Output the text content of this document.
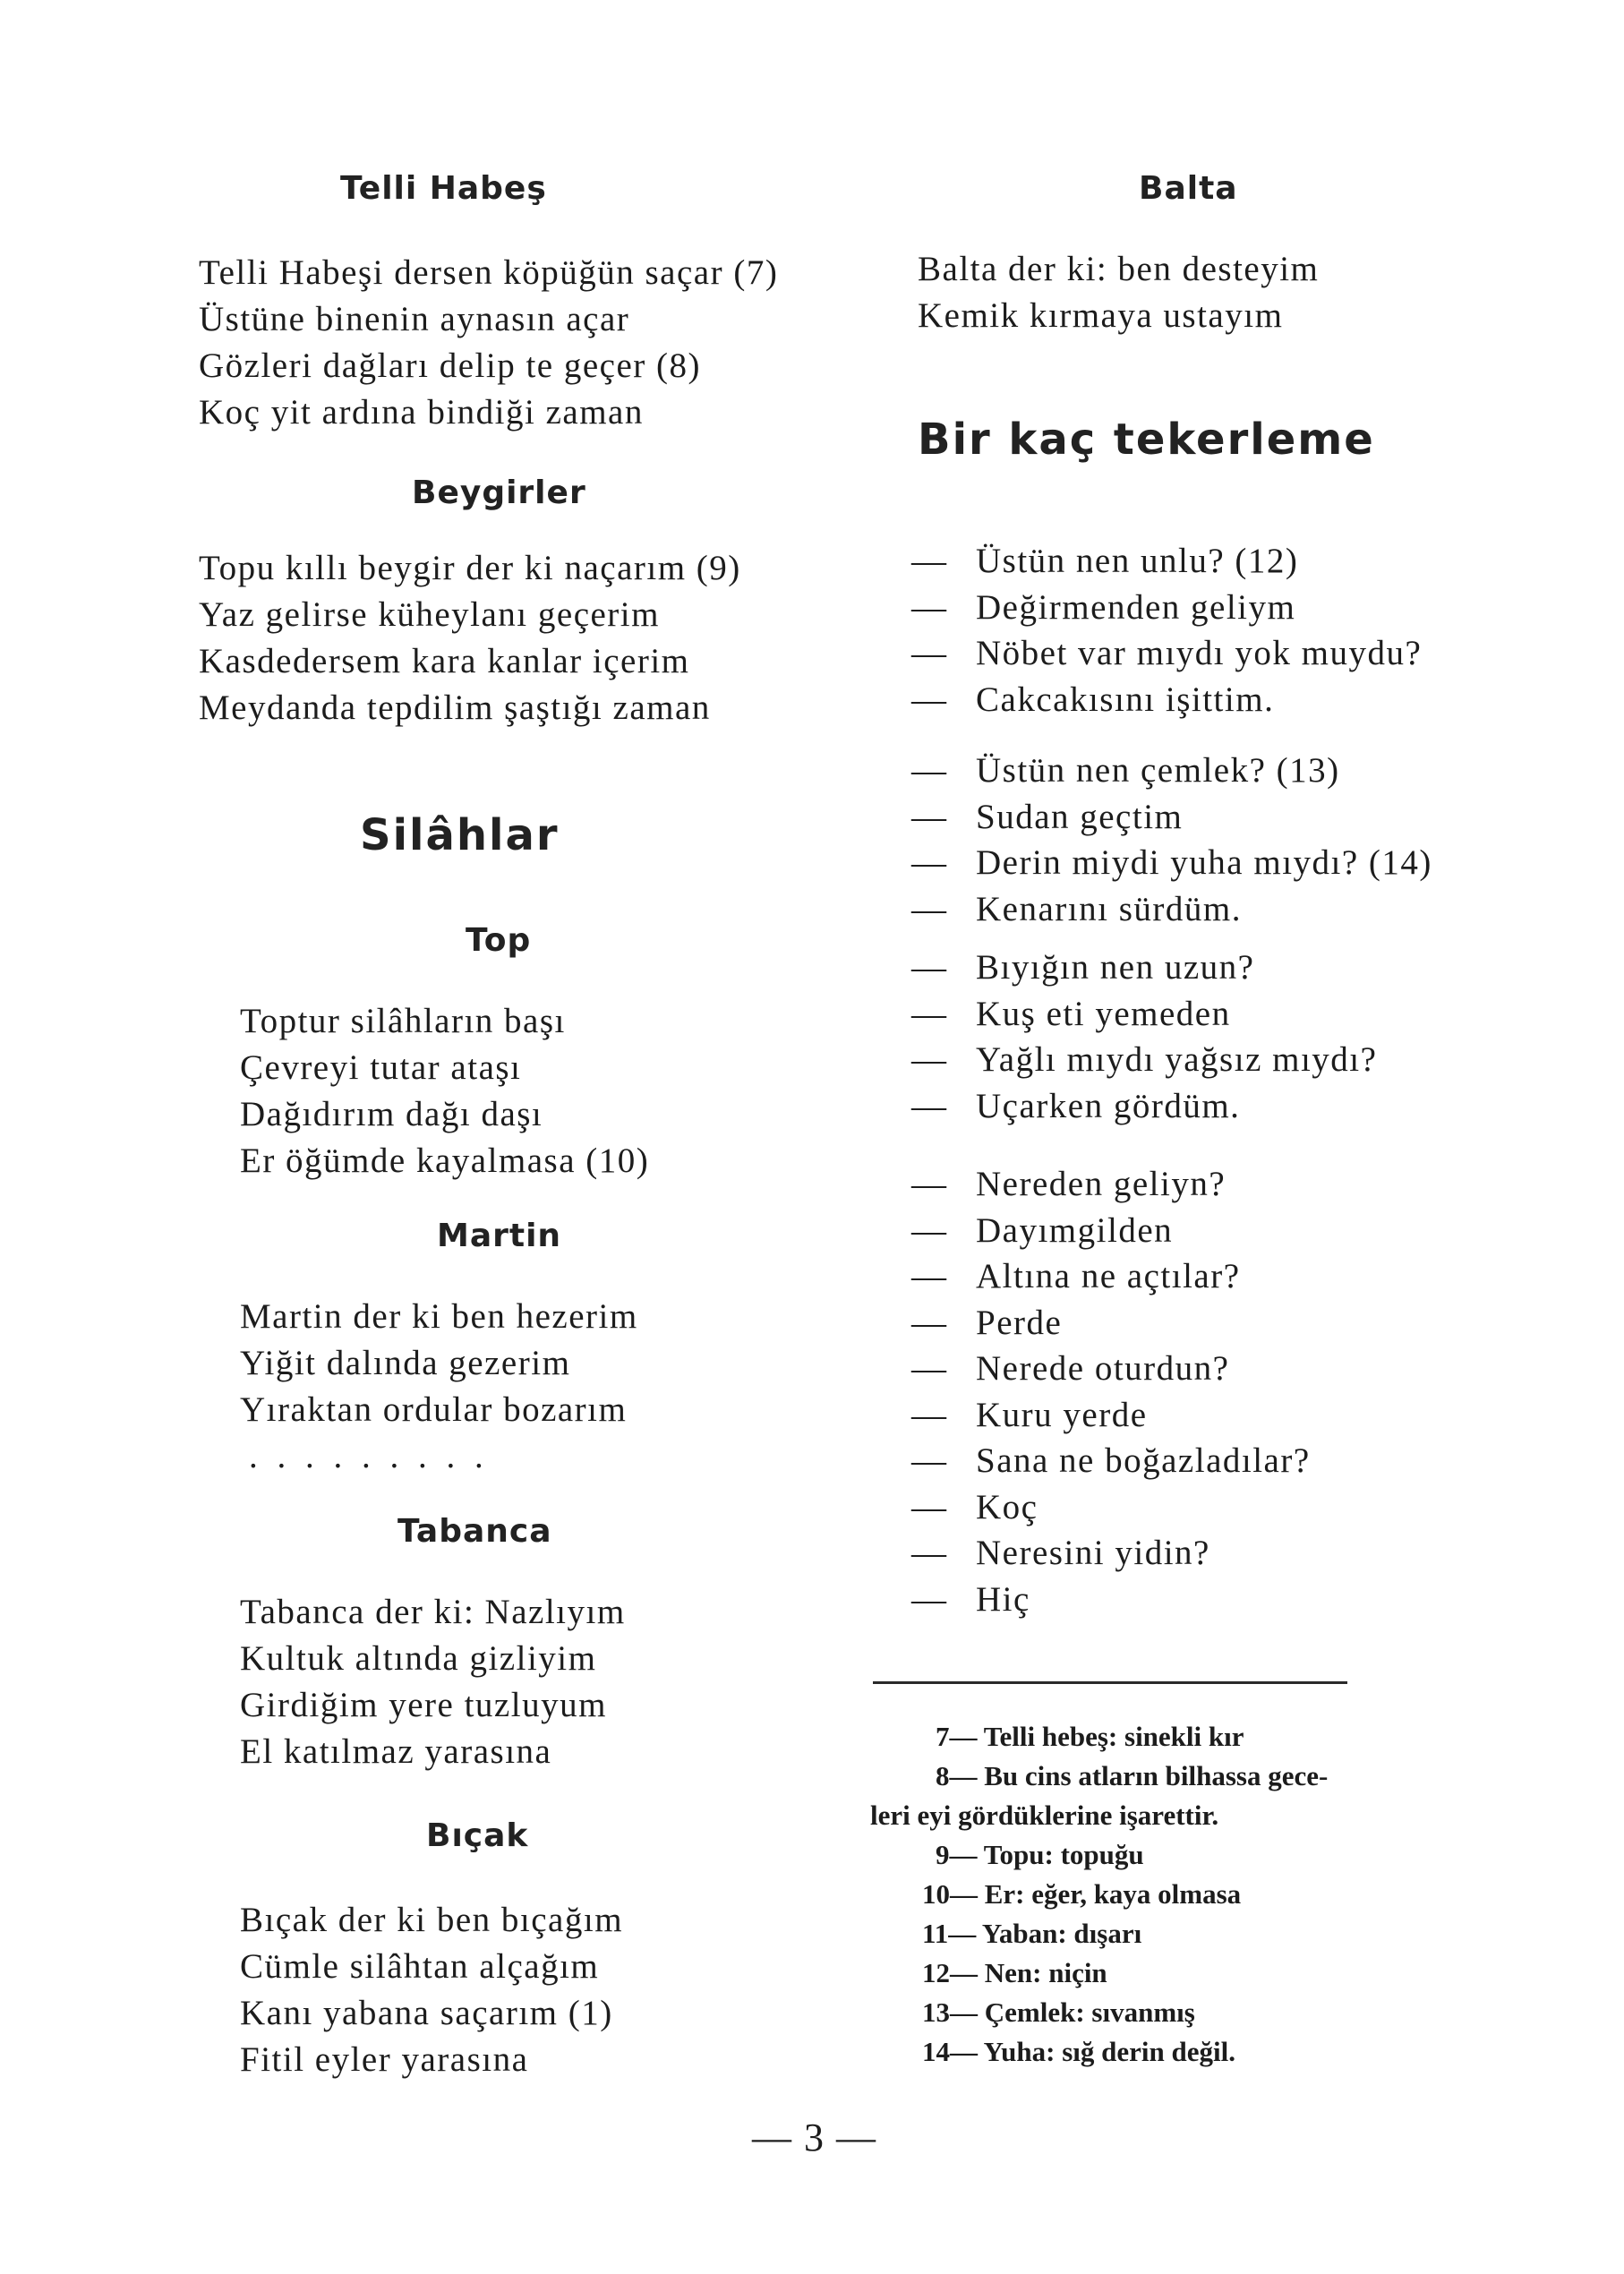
Telli Habeş
Telli Habeşi dersen köpüğün saçar (7)
Üstüne binenin aynasın açar
Gözleri dağları delip te geçer (8)
Koç yit ardına bindiği zaman
Beygirler
Topu kıllı beygir der ki naçarım (9)
Yaz gelirse küheylanı geçerim
Kasdedersem kara kanlar içerim
Meydanda tepdilim şaştığı zaman
Silâhlar
Top
Toptur silâhların başı
Çevreyi tutar ataşı
Dağıdırım dağı daşı
Er öğümde kayalmasa (10)
Martin
Martin der ki ben hezerim
Yiğit dalında gezerim
Yıraktan ordular bozarım
. . . . . . . . .
Tabanca
Tabanca der ki: Nazlıyım
Kultuk altında gizliyim
Girdiğim yere tuzluyum
El katılmaz yarasına
Bıçak
Bıçak der ki ben bıçağım
Cümle silâhtan alçağım
Kanı yabana saçarım (1)
Fitil eyler yarasına
Balta
Balta der ki: ben desteyim
Kemik kırmaya ustayım
Bir kaç tekerleme
— Üstün nen unlu? (12)
— Değirmenden geliym
— Nöbet var mıydı yok muydu?
— Cakcakısını işittim.
— Üstün nen çemlek? (13)
— Sudan geçtim
— Derin miydi yuha mıydı? (14)
— Kenarını sürdüm.
— Bıyığın nen uzun?
— Kuş eti yemeden
— Yağlı mıydı yağsız mıydı?
— Uçarken gördüm.
— Nereden geliyn?
— Dayımgilden
— Altına ne açtılar?
— Perde
— Nerede oturdun?
— Kuru yerde
— Sana ne boğazladılar?
— Koç
— Neresini yidin?
— Hiç
7— Telli hebeş: sinekli kır
8— Bu cins atların bilhassa gece-
leri eyi gördüklerine işarettir.
9— Topu: topuğu
10— Er: eğer, kaya olmasa
11— Yaban: dışarı
12— Nen: niçin
13— Çemlek: sıvanmış
14— Yuha: sığ derin değil.
— 3 —
